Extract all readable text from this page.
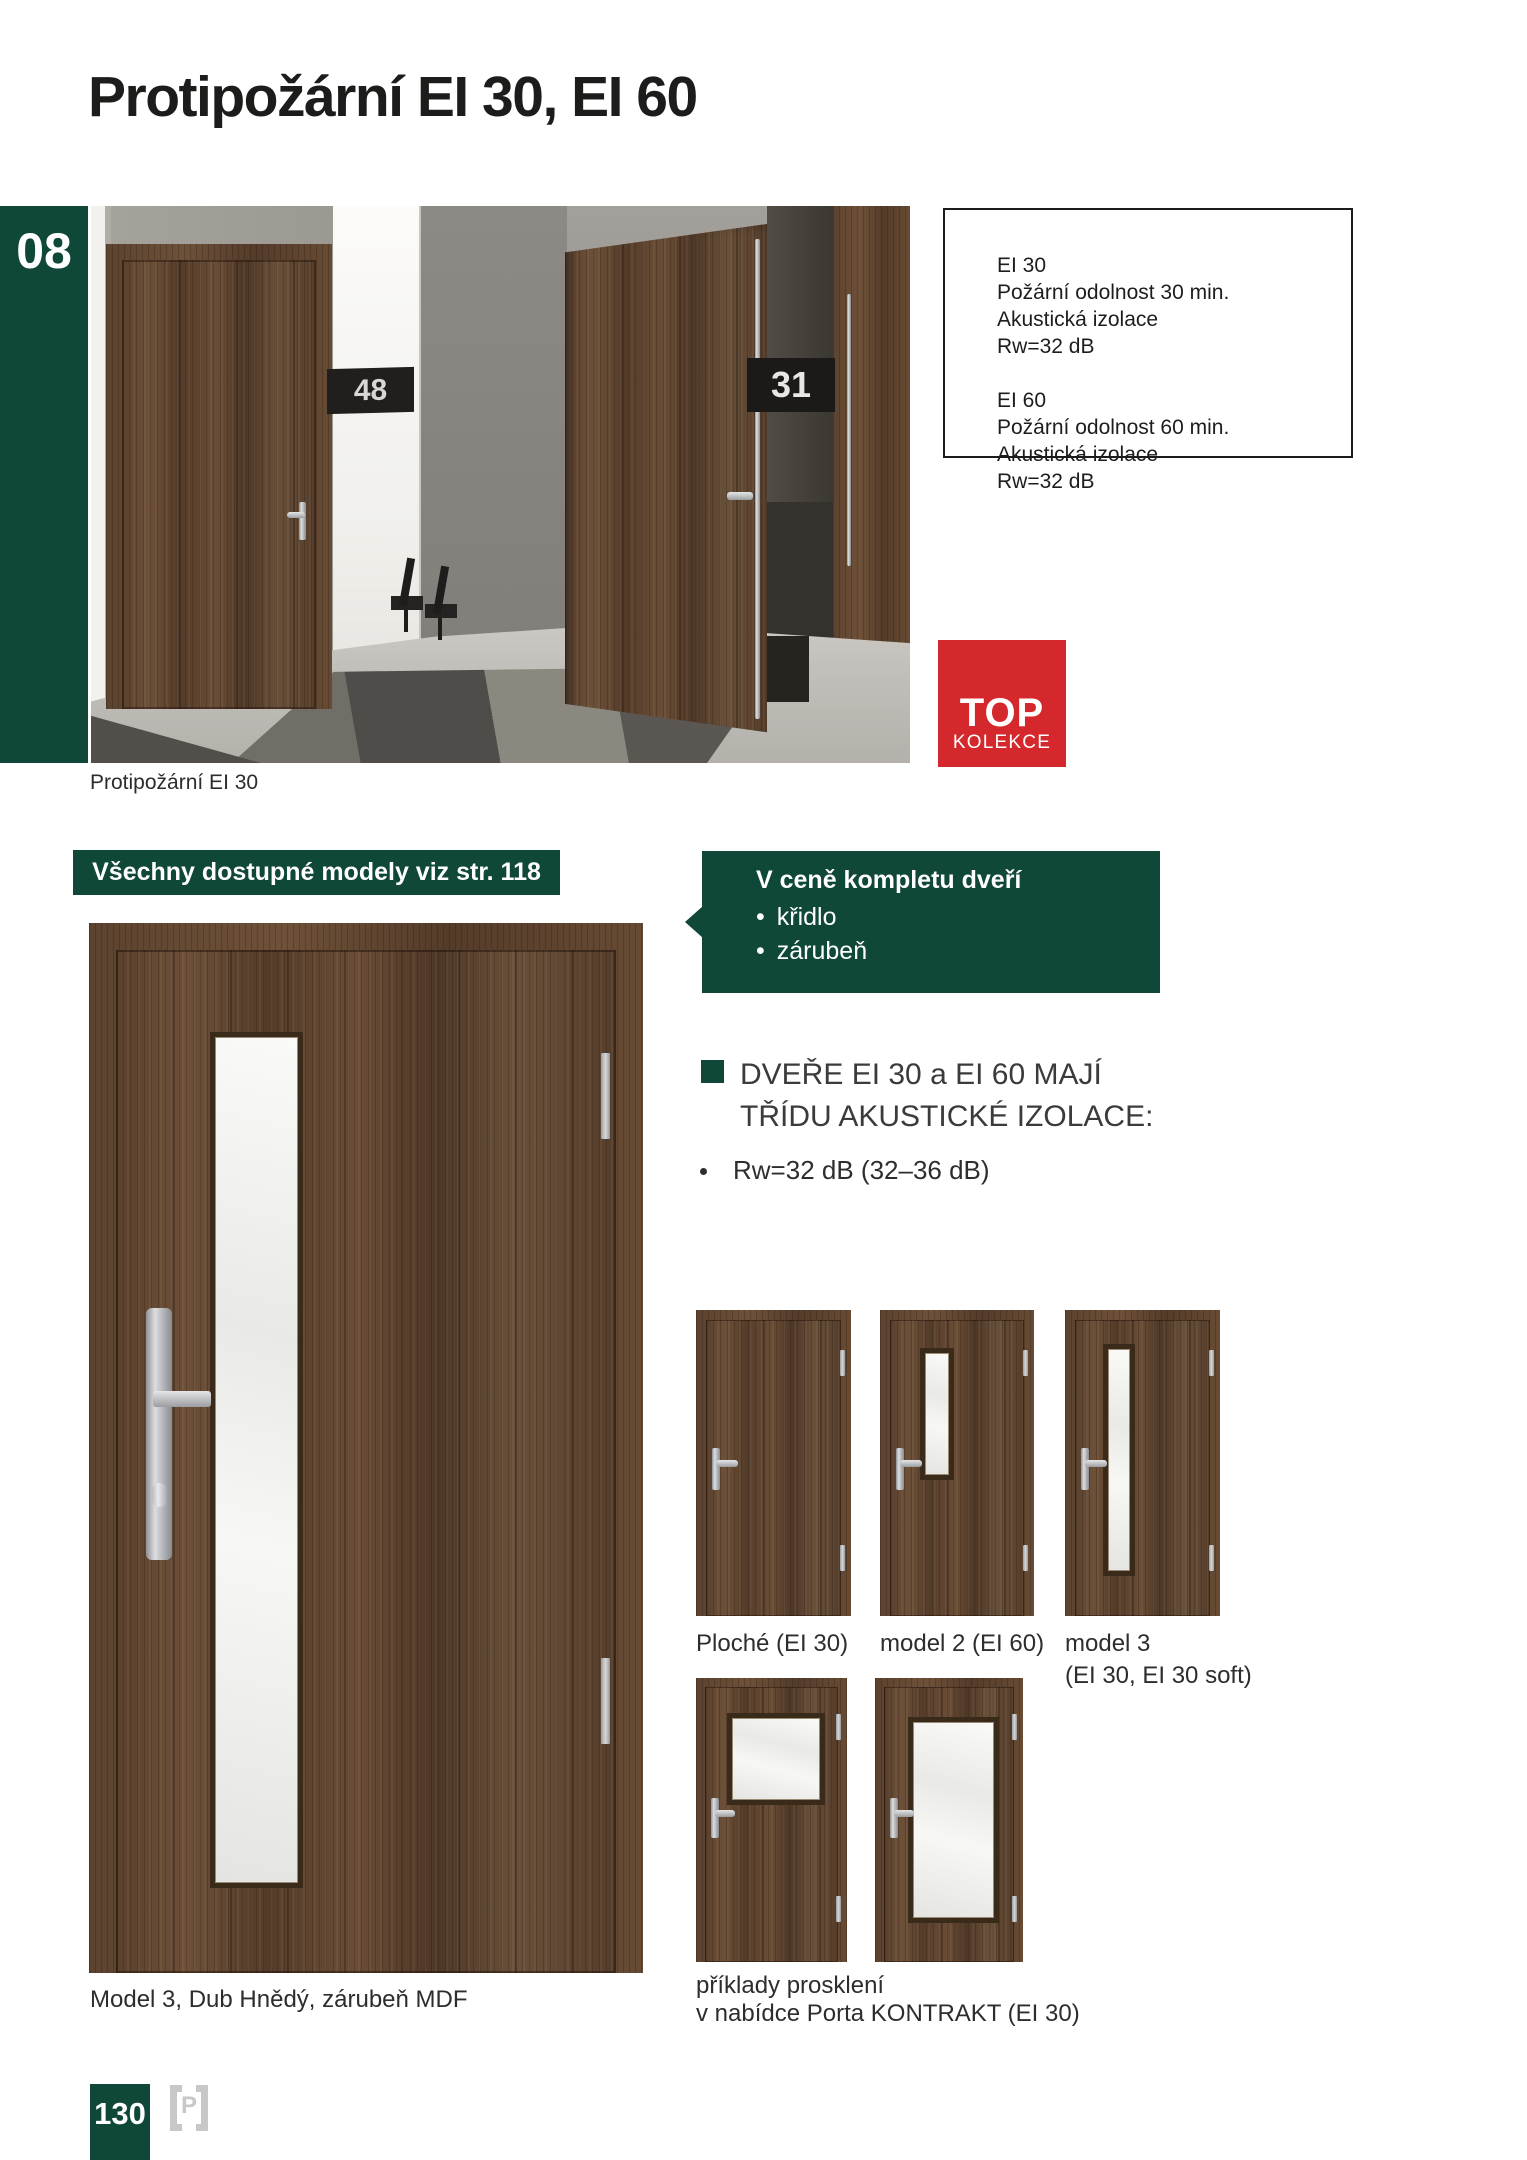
Protipožární EI 30, EI 60
08
48	31
Protipožární EI 30
EI 30
Požární odolnost 30 min.
Akustická izolace
Rw=32 dB
EI 60
Požární odolnost 60 min.
Akustická izolace
Rw=32 dB
TOP
KOLEKCE
Všechny dostupné modely viz str. 118	V ceně kompletu dveří
• křidlo
• zárubeň
Model 3, Dub Hnědý, zárubeň MDF
DVEŘE EI 30 a EI 60 MAJÍ
TŘÍDU AKUSTICKÉ IZOLACE:
Rw=32 dB (32–36 dB)
Ploché (EI 30) model 2 (EI 60) model 3
(EI 30, EI 30 soft)
příklady prosklení
v nabídce Porta KONTRAKT (EI 30)
130	P
